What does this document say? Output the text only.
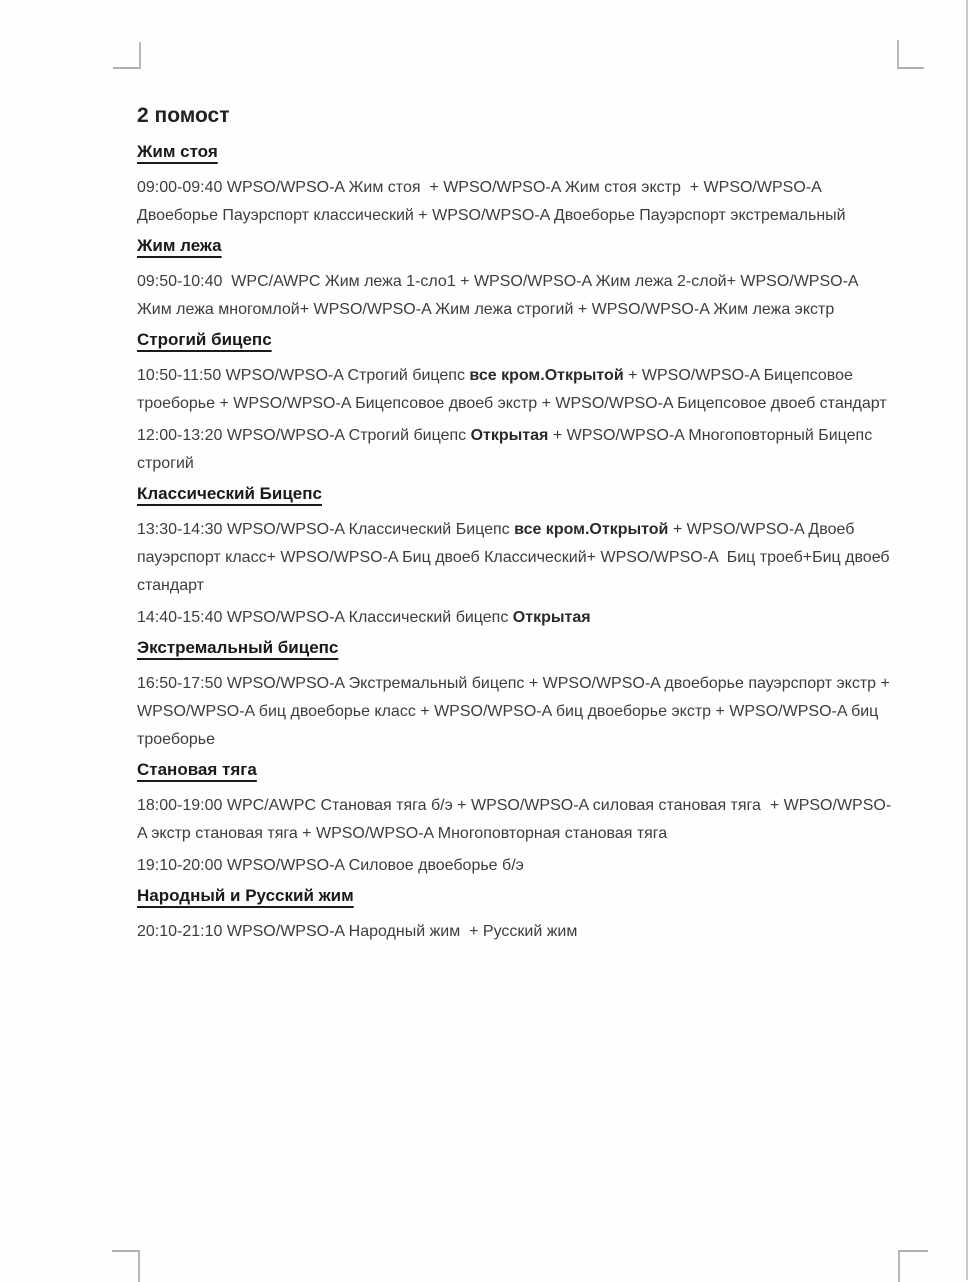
2 помост
Жим стоя

09:00-09:40 WPSO/WPSO-A Жим стоя  + WPSO/WPSO-A Жим стоя экстр  + WPSO/WPSO-A Двоеборье Пауэрспорт классический + WPSO/WPSO-A Двоеборье Пауэрспорт экстремальный

Жим лежа

09:50-10:40  WPC/AWPC Жим лежа 1-сло1 + WPSO/WPSO-A Жим лежа 2-слой+ WPSO/WPSO-A Жим лежа многомлой+ WPSO/WPSO-A Жим лежа строгий + WPSO/WPSO-A Жим лежа экстр

Строгий бицепс

10:50-11:50 WPSO/WPSO-A Строгий бицепс все кром.Открытой + WPSO/WPSO-A Бицепсовое троеборье + WPSO/WPSO-A Бицепсовое двоеб экстр + WPSO/WPSO-A Бицепсовое двоеб стандарт

12:00-13:20 WPSO/WPSO-A Строгий бицепс Открытая + WPSO/WPSO-A Многоповторный Бицепс строгий

Классический Бицепс

13:30-14:30 WPSO/WPSO-A Классический Бицепс все кром.Открытой + WPSO/WPSO-A Двоеб пауэрспорт класс+ WPSO/WPSO-A Биц двоеб Классический+ WPSO/WPSO-A  Биц троеб+Биц двоеб стандарт

14:40-15:40 WPSO/WPSO-A Классический бицепс Открытая

Экстремальный бицепс

16:50-17:50 WPSO/WPSO-A Экстремальный бицепс + WPSO/WPSO-A двоеборье пауэрспорт экстр + WPSO/WPSO-A биц двоеборье класс + WPSO/WPSO-A биц двоеборье экстр + WPSO/WPSO-A биц троеборье

Становая тяга

18:00-19:00 WPC/AWPC Становая тяга б/э + WPSO/WPSO-A силовая становая тяга  + WPSO/WPSO-A экстр становая тяга + WPSO/WPSO-A Многоповторная становая тяга

19:10-20:00 WPSO/WPSO-A Силовое двоеборье б/э

Народный и Русский жим

20:10-21:10 WPSO/WPSO-A Народный жим  + Русский жим
